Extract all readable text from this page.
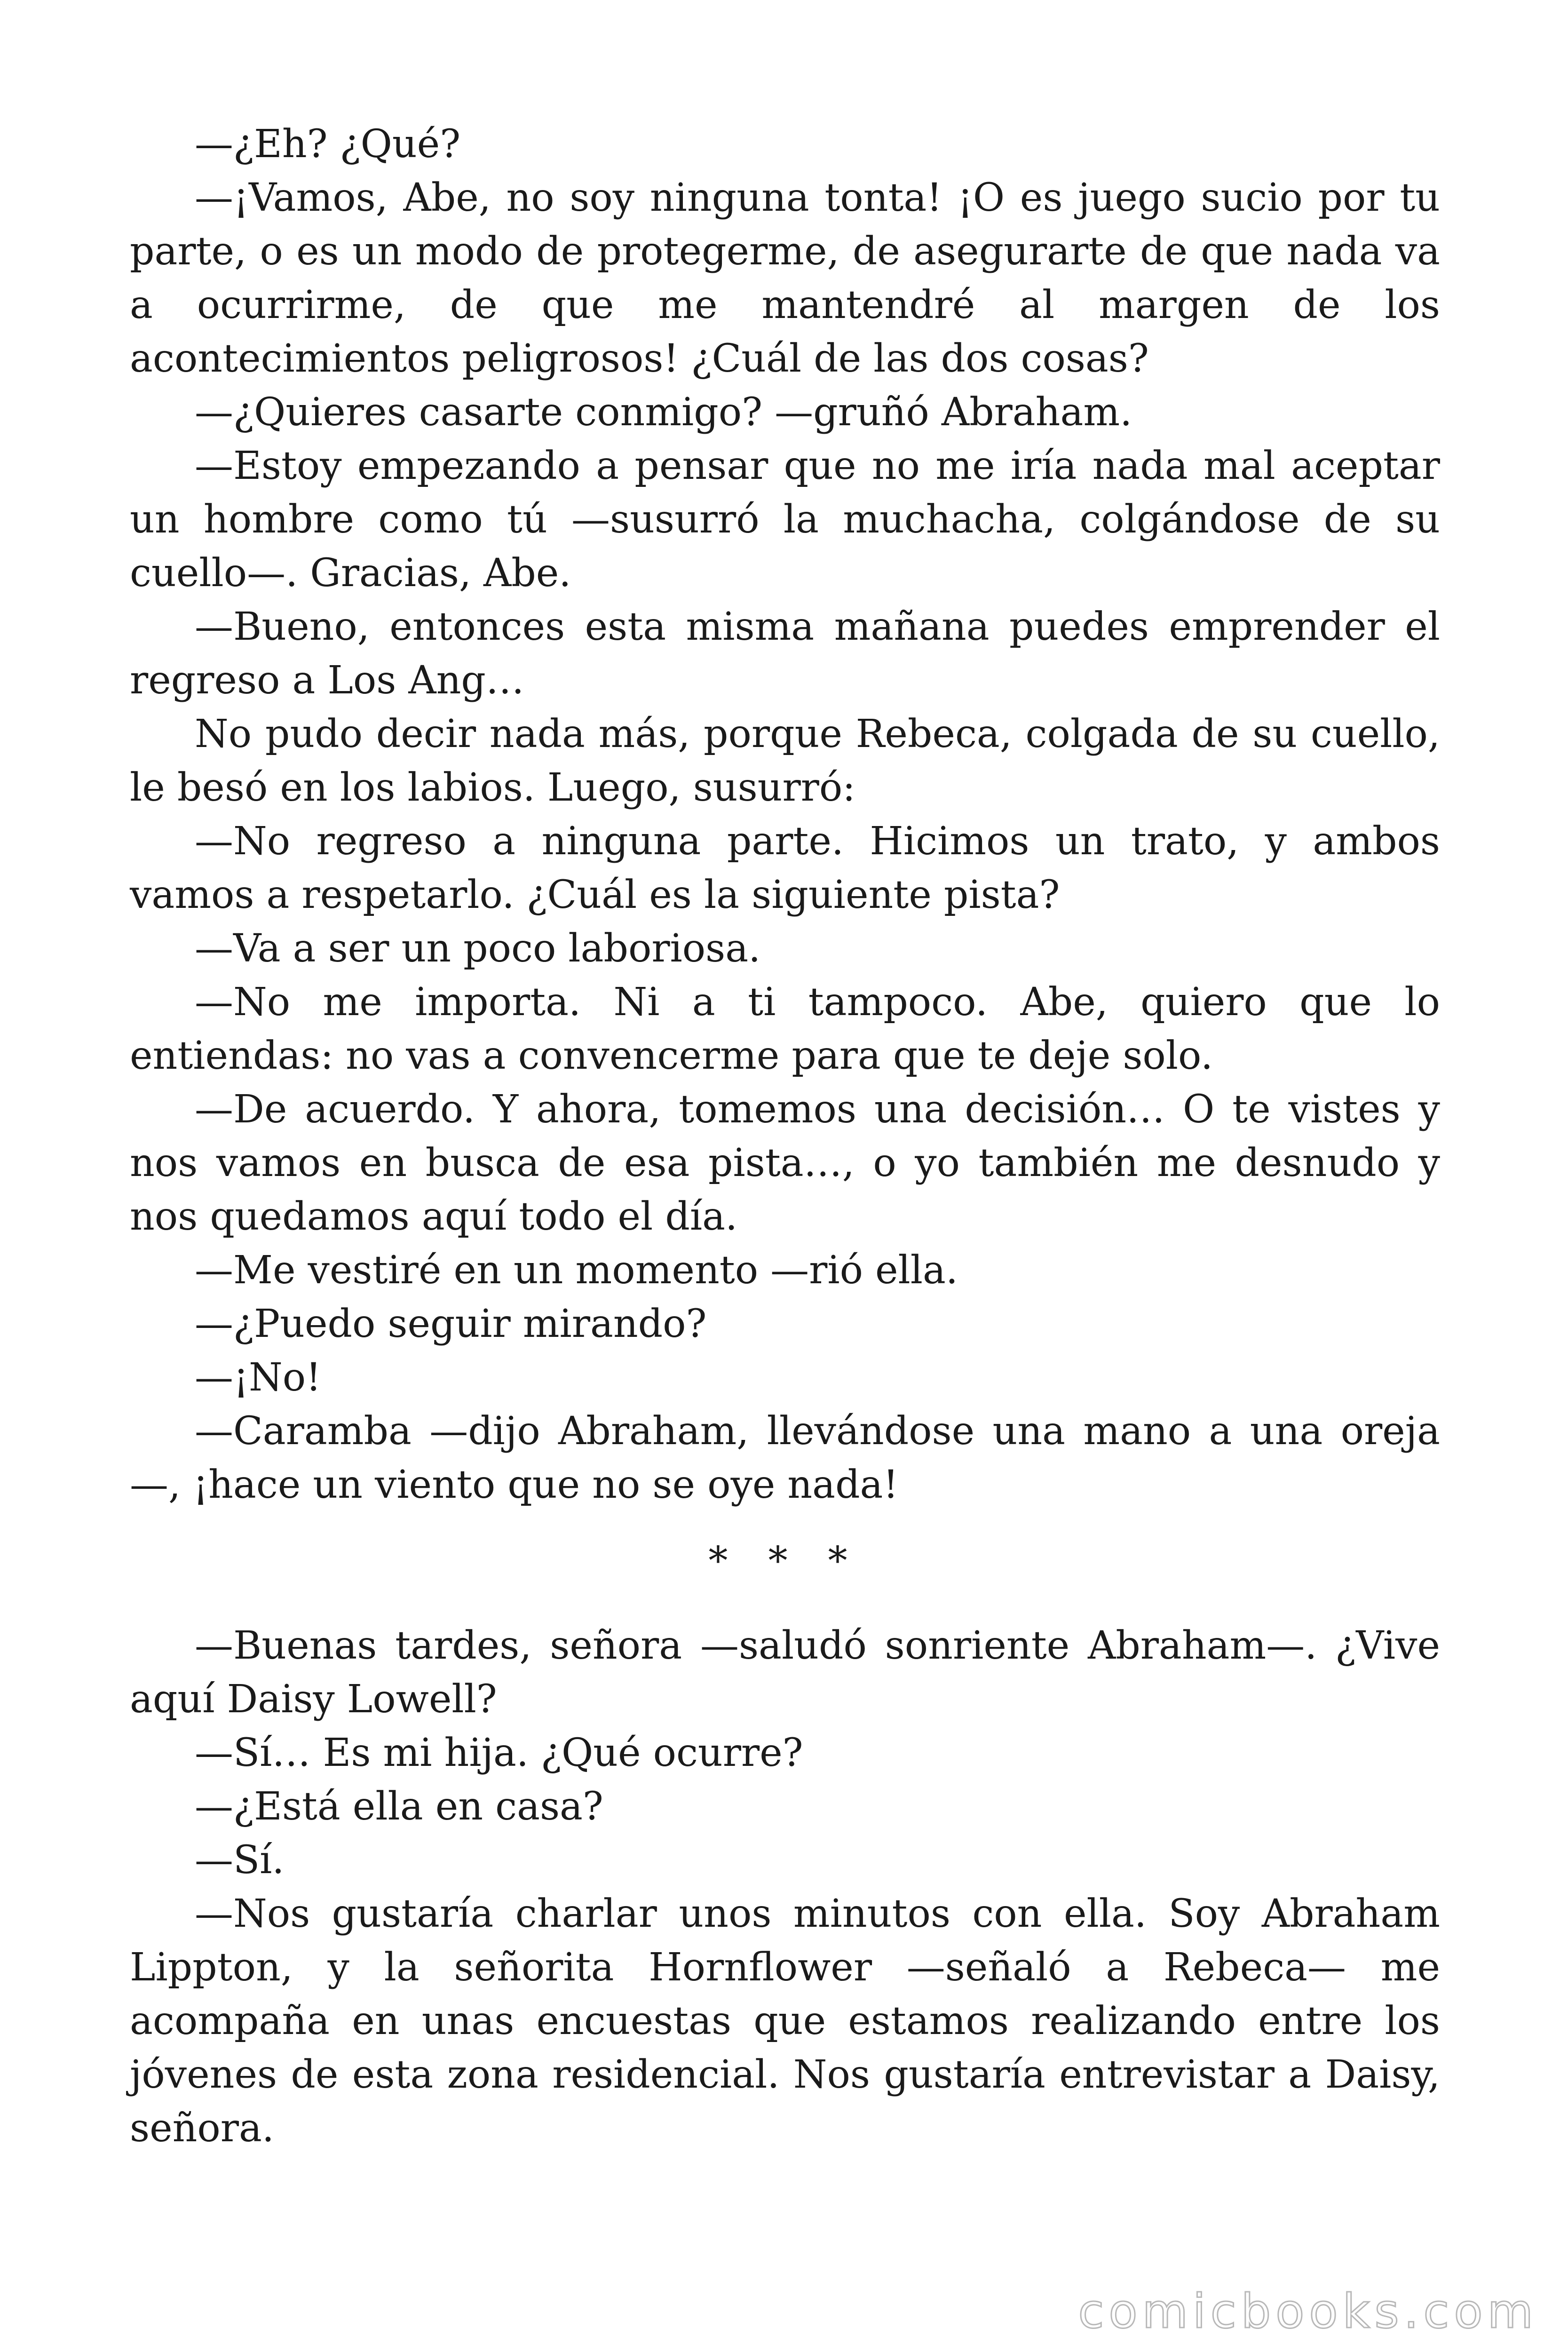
—¿Eh? ¿Qué?

—¡Vamos, Abe, no soy ninguna tonta! ¡O es juego sucio por tu parte, o es un modo de protegerme, de asegurarte de que nada va a ocurrirme, de que me mantendré al margen de los acontecimientos peligrosos! ¿Cuál de las dos cosas?

—¿Quieres casarte conmigo? —gruñó Abraham.

—Estoy empezando a pensar que no me iría nada mal aceptar un hombre como tú —susurró la muchacha, colgándose de su cuello—. Gracias, Abe.

—Bueno, entonces esta misma mañana puedes emprender el regreso a Los Ang…

No pudo decir nada más, porque Rebeca, colgada de su cuello, le besó en los labios. Luego, susurró:

—No regreso a ninguna parte. Hicimos un trato, y ambos vamos a respetarlo. ¿Cuál es la siguiente pista?

—Va a ser un poco laboriosa.

—No me importa. Ni a ti tampoco. Abe, quiero que lo entiendas: no vas a convencerme para que te deje solo.

—De acuerdo. Y ahora, tomemos una decisión… O te vistes y nos vamos en busca de esa pista…, o yo también me desnudo y nos quedamos aquí todo el día.

—Me vestiré en un momento —rió ella.

—¿Puedo seguir mirando?

—¡No!

—Caramba —dijo Abraham, llevándose una mano a una oreja—, ¡hace un viento que no se oye nada!

* * *

—Buenas tardes, señora —saludó sonriente Abraham—. ¿Vive aquí Daisy Lowell?

—Sí… Es mi hija. ¿Qué ocurre?

—¿Está ella en casa?

—Sí.

—Nos gustaría charlar unos minutos con ella. Soy Abraham Lippton, y la señorita Hornflower —señaló a Rebeca— me acompaña en unas encuestas que estamos realizando entre los jóvenes de esta zona residencial. Nos gustaría entrevistar a Daisy, señora.

comicbooks.com
